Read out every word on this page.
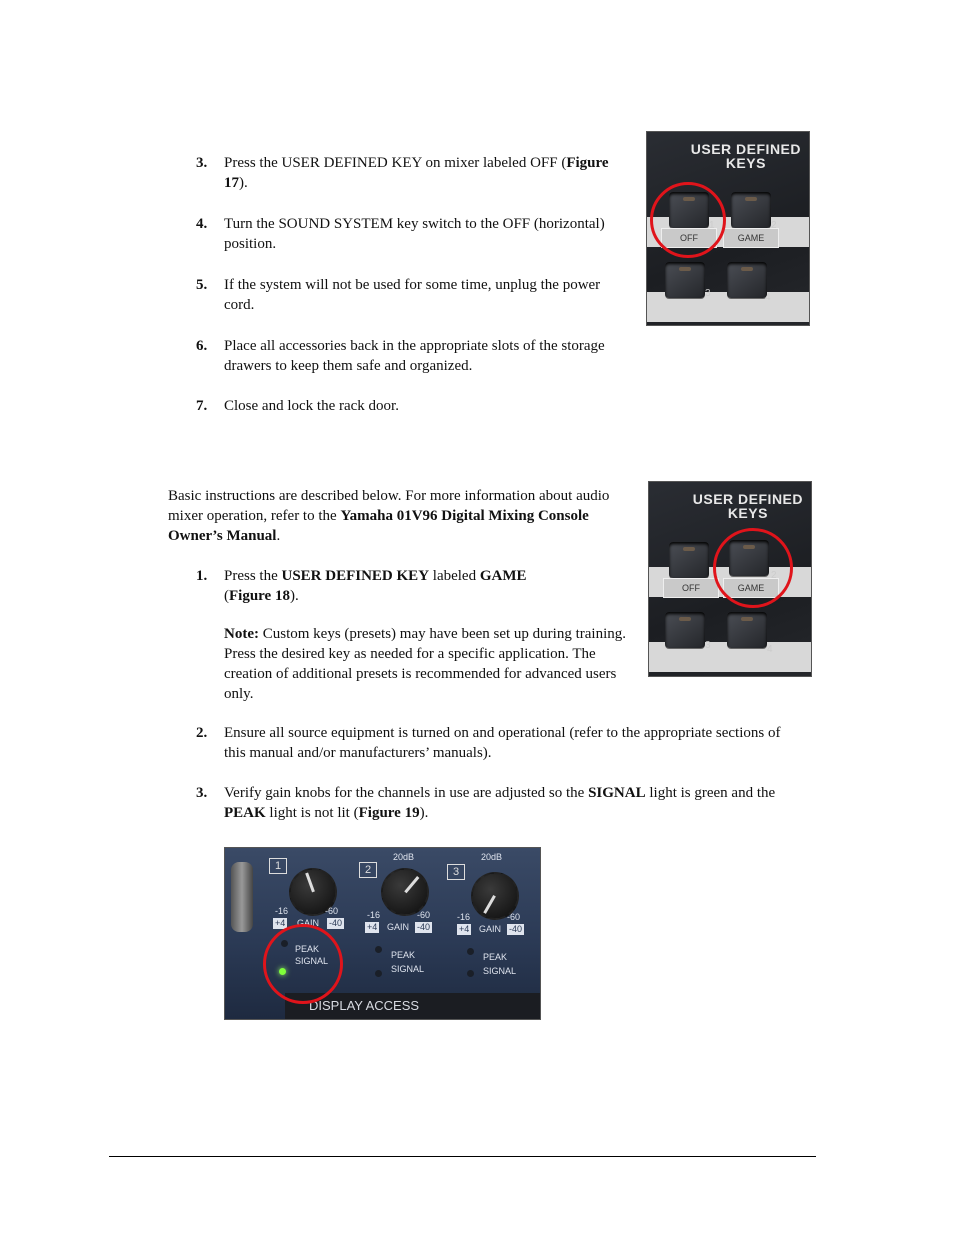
3. Press the USER DEFINED KEY on mixer labeled OFF (Figure 17).
4. Turn the SOUND SYSTEM key switch to the OFF (horizontal) position.
5. If the system will not be used for some time, unplug the power cord.
6. Place all accessories back in the appropriate slots of the storage drawers to keep them safe and organized.
7. Close and lock the rack door.
USER DEFINED
KEYS
OFF	GAME
1	2
3	4
Basic instructions are described below. For more information about audio mixer operation, refer to the Yamaha 01V96 Digital Mixing Console Owner’s Manual.
1. Press the USER DEFINED KEY labeled GAME
(Figure 18).
Note: Custom keys (presets) may have been set up during training. Press the desired key as needed for a specific application. The creation of additional presets is recommended for advanced users only.
USER DEFINED
KEYS
OFF	GAME
2
3	4
2. Ensure all source equipment is turned on and operational (refer to the appropriate sections of this manual and/or manufacturers’ manuals).
3. Verify gain knobs for the channels in use are adjusted so the SIGNAL light is green and the PEAK light is not lit (Figure 19).
1	2	3
20dB	20dB
-16	-60
+4 GAIN -40
-16	-60
+4 GAIN -40
-16	-60
+4 GAIN -40
PEAK
SIGNAL
PEAK
SIGNAL
PEAK
SIGNAL
DISPLAY ACCESS
